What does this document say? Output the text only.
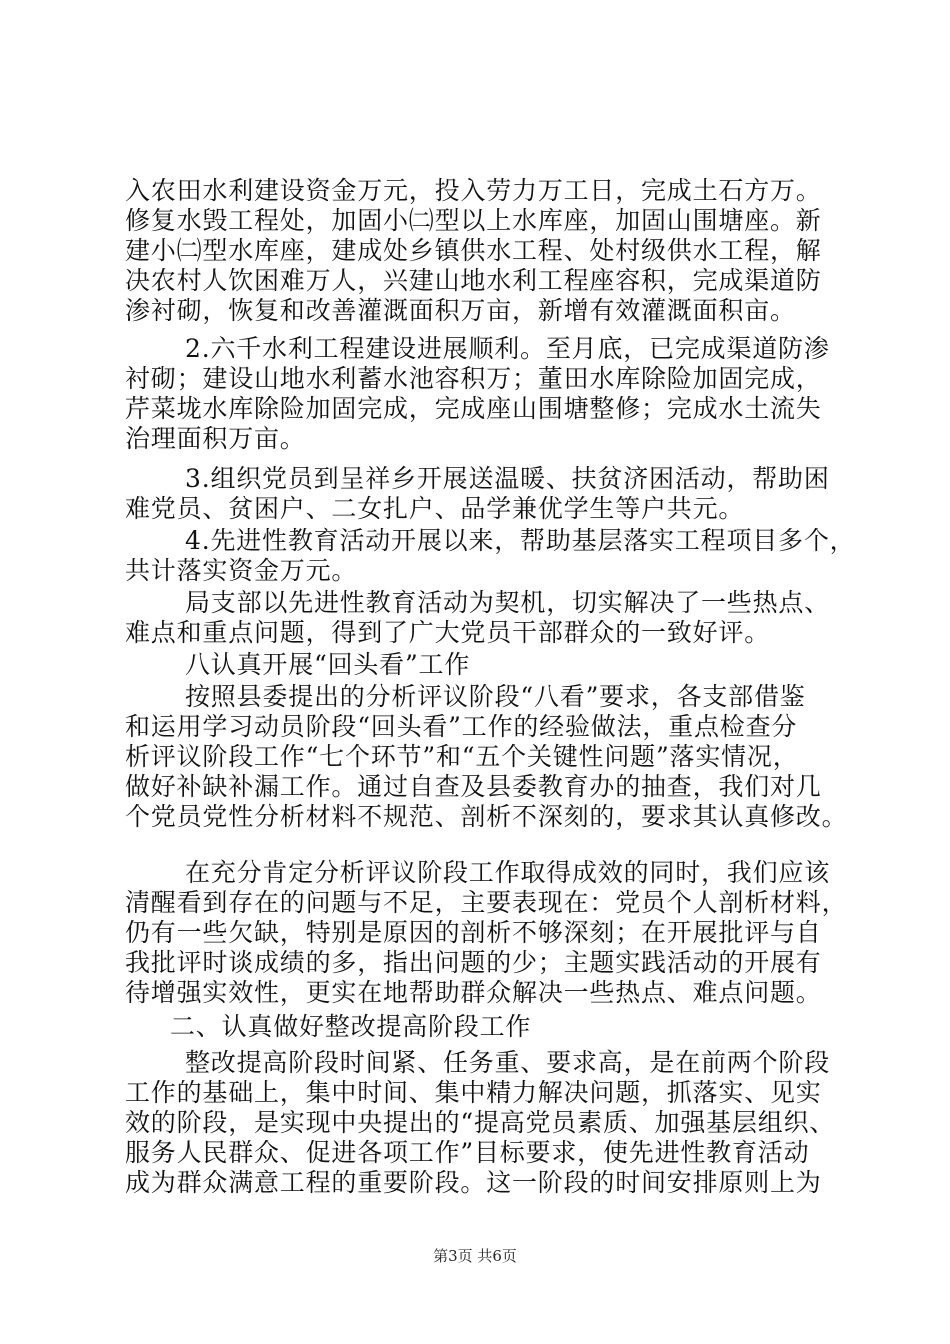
入农田水利建设资金万元，投入劳力万工日，完成土石方万。
修复水毁工程处，加固小㈡型以上水库座，加固山围塘座。新
建小㈡型水库座，建成处乡镇供水工程、处村级供水工程，解
决农村人饮困难万人，兴建山地水利工程座容积，完成渠道防
渗衬砌，恢复和改善灌溉面积万亩，新增有效灌溉面积亩。
2.六千水利工程建设进展顺利。至月底，已完成渠道防渗
衬砌；建设山地水利蓄水池容积万；董田水库除险加固完成，
芹菜垅水库除险加固完成，完成座山围塘整修；完成水土流失
治理面积万亩。
3.组织党员到呈祥乡开展送温暖、扶贫济困活动，帮助困
难党员、贫困户、二女扎户、品学兼优学生等户共元。
4.先进性教育活动开展以来，帮助基层落实工程项目多个，
共计落实资金万元。
局支部以先进性教育活动为契机，切实解决了一些热点、
难点和重点问题，得到了广大党员干部群众的一致好评。
八认真开展“回头看”工作
按照县委提出的分析评议阶段“八看”要求，各支部借鉴
和运用学习动员阶段“回头看”工作的经验做法，重点检查分
析评议阶段工作“七个环节”和“五个关键性问题”落实情况，
做好补缺补漏工作。通过自查及县委教育办的抽查，我们对几
个党员党性分析材料不规范、剖析不深刻的，要求其认真修改。
在充分肯定分析评议阶段工作取得成效的同时，我们应该
清醒看到存在的问题与不足，主要表现在：党员个人剖析材料，
仍有一些欠缺，特别是原因的剖析不够深刻；在开展批评与自
我批评时谈成绩的多，指出问题的少；主题实践活动的开展有
待增强实效性，更实在地帮助群众解决一些热点、难点问题。
二、认真做好整改提高阶段工作
整改提高阶段时间紧、任务重、要求高，是在前两个阶段
工作的基础上，集中时间、集中精力解决问题，抓落实、见实
效的阶段，是实现中央提出的“提高党员素质、加强基层组织、
服务人民群众、促进各项工作”目标要求，使先进性教育活动
成为群众满意工程的重要阶段。这一阶段的时间安排原则上为
第3页 共6页
